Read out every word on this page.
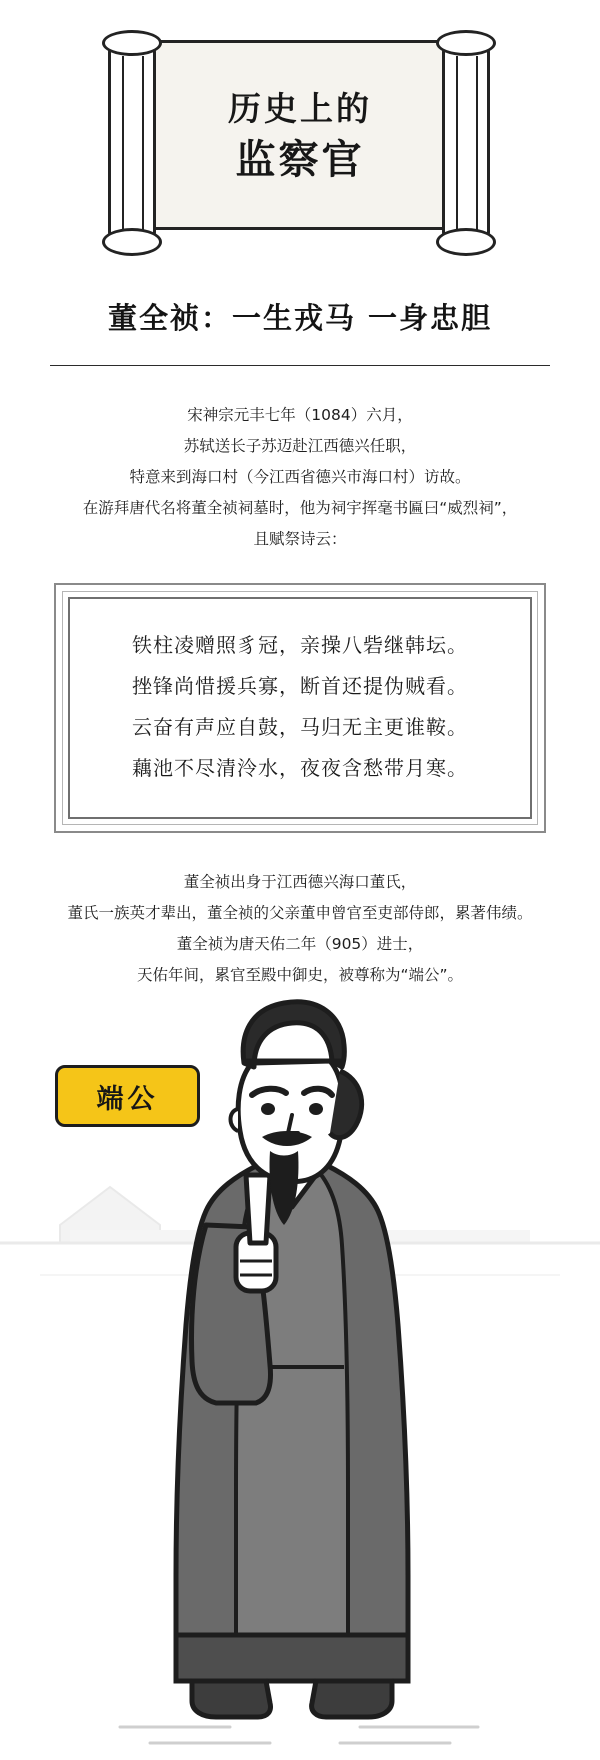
历史上的
监察官
董全祯：一生戎马 一身忠胆
宋神宗元丰七年（1084）六月，
苏轼送长子苏迈赴江西德兴任职，
特意来到海口村（今江西省德兴市海口村）访故。
在游拜唐代名将董全祯祠墓时，他为祠宇挥毫书匾曰“威烈祠”，
且赋祭诗云：
铁柱凌赠照豸冠，亲操八砦继韩坛。
挫锋尚惜援兵寡，断首还提伪贼看。
云奋有声应自鼓，马归无主更谁鞍。
藕池不尽清泠水，夜夜含愁带月寒。
董全祯出身于江西德兴海口董氏，
董氏一族英才辈出，董全祯的父亲董申曾官至吏部侍郎，累著伟绩。
董全祯为唐天佑二年（905）进士，
天佑年间，累官至殿中御史，被尊称为“端公”。
端公
